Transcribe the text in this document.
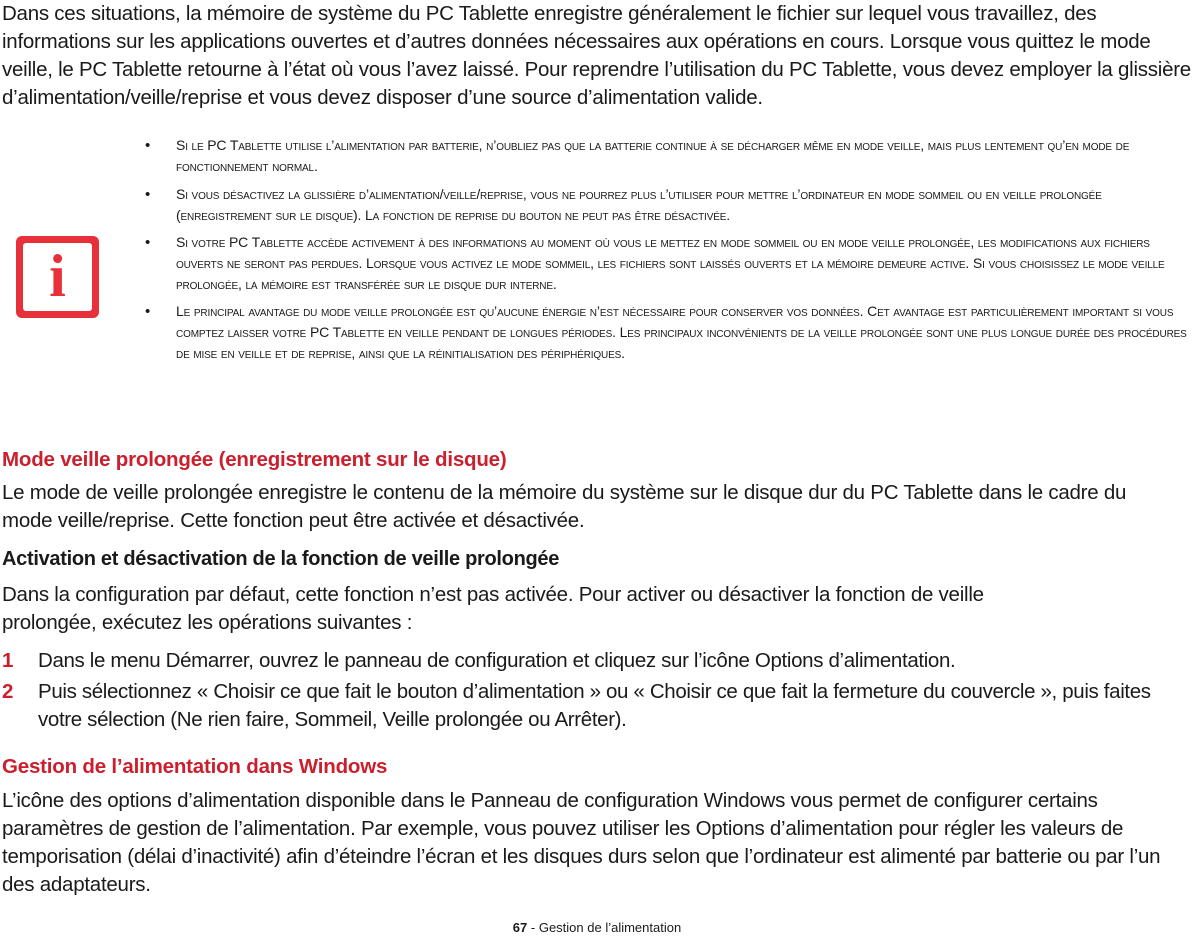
Dans ces situations, la mémoire de système du PC Tablette enregistre généralement le fichier sur lequel vous travaillez, des informations sur les applications ouvertes et d’autres données nécessaires aux opérations en cours. Lorsque vous quittez le mode veille, le PC Tablette retourne à l’état où vous l’avez laissé. Pour reprendre l’utilisation du PC Tablette, vous devez employer la glissière d’alimentation/veille/reprise et vous devez disposer d’une source d’alimentation valide.

i
• Si le PC Tablette utilise l’alimentation par batterie, n’oubliez pas que la batterie continue à se décharger même en mode veille, mais plus lentement qu’en mode de fonctionnement normal.
• Si vous désactivez la glissière d’alimentation/veille/reprise, vous ne pourrez plus l’utiliser pour mettre l’ordinateur en mode sommeil ou en veille prolongée (enregistrement sur le disque). La fonction de reprise du bouton ne peut pas être désactivée.
• Si votre PC Tablette accède activement à des informations au moment où vous le mettez en mode sommeil ou en mode veille prolongée, les modifications aux fichiers ouverts ne seront pas perdues. Lorsque vous activez le mode sommeil, les fichiers sont laissés ouverts et la mémoire demeure active. Si vous choisissez le mode veille prolongée, la mémoire est transférée sur le disque dur interne.
• Le principal avantage du mode veille prolongée est qu’aucune énergie n’est nécessaire pour conserver vos données. Cet avantage est particulièrement important si vous comptez laisser votre PC Tablette en veille pendant de longues périodes. Les principaux inconvénients de la veille prolongée sont une plus longue durée des procédures de mise en veille et de reprise, ainsi que la réinitialisation des périphériques.
Mode veille prolongée (enregistrement sur le disque)

Le mode de veille prolongée enregistre le contenu de la mémoire du système sur le disque dur du PC Tablette dans le cadre du mode veille/reprise. Cette fonction peut être activée et désactivée.

Activation et désactivation de la fonction de veille prolongée

Dans la configuration par défaut, cette fonction n’est pas activée. Pour activer ou désactiver la fonction de veille prolongée, exécutez les opérations suivantes :

1 Dans le menu Démarrer, ouvrez le panneau de configuration et cliquez sur l’icône Options d’alimentation.
2 Puis sélectionnez « Choisir ce que fait le bouton d’alimentation » ou « Choisir ce que fait la fermeture du couvercle », puis faites votre sélection (Ne rien faire, Sommeil, Veille prolongée ou Arrêter).
Gestion de l’alimentation dans Windows

L’icône des options d’alimentation disponible dans le Panneau de configuration Windows vous permet de configurer certains paramètres de gestion de l’alimentation. Par exemple, vous pouvez utiliser les Options d’alimentation pour régler les valeurs de temporisation (délai d’inactivité) afin d’éteindre l’écran et les disques durs selon que l’ordinateur est alimenté par batterie ou par l’un des adaptateurs.

67 - Gestion de l’alimentation
